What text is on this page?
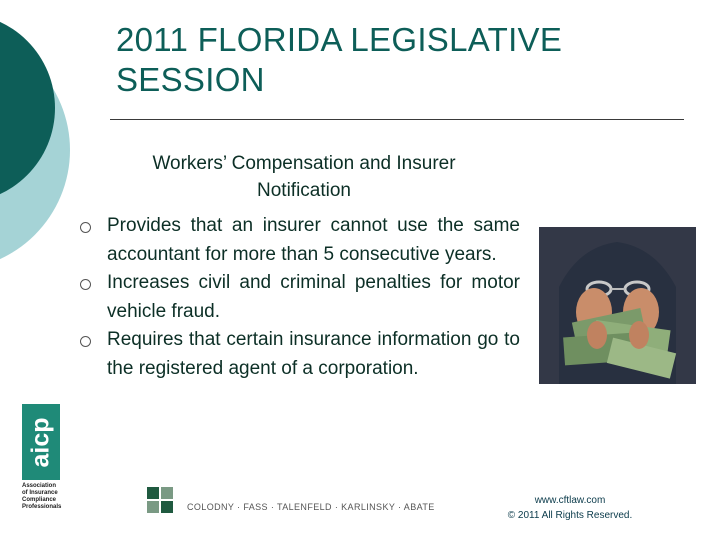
2011 FLORIDA LEGISLATIVE
SESSION
Workers’ Compensation and Insurer
Notification
Provides that an insurer cannot use the same accountant for more than 5 consecutive years.
Increases civil and criminal penalties for motor vehicle fraud.
Requires that certain insurance information go to the registered agent of a corporation.
aicp
Association
of Insurance
Compliance
Professionals	COLODNY · FASS · TALENFELD · KARLINSKY · ABATE
www.cftlaw.com
© 2011 All Rights Reserved.
